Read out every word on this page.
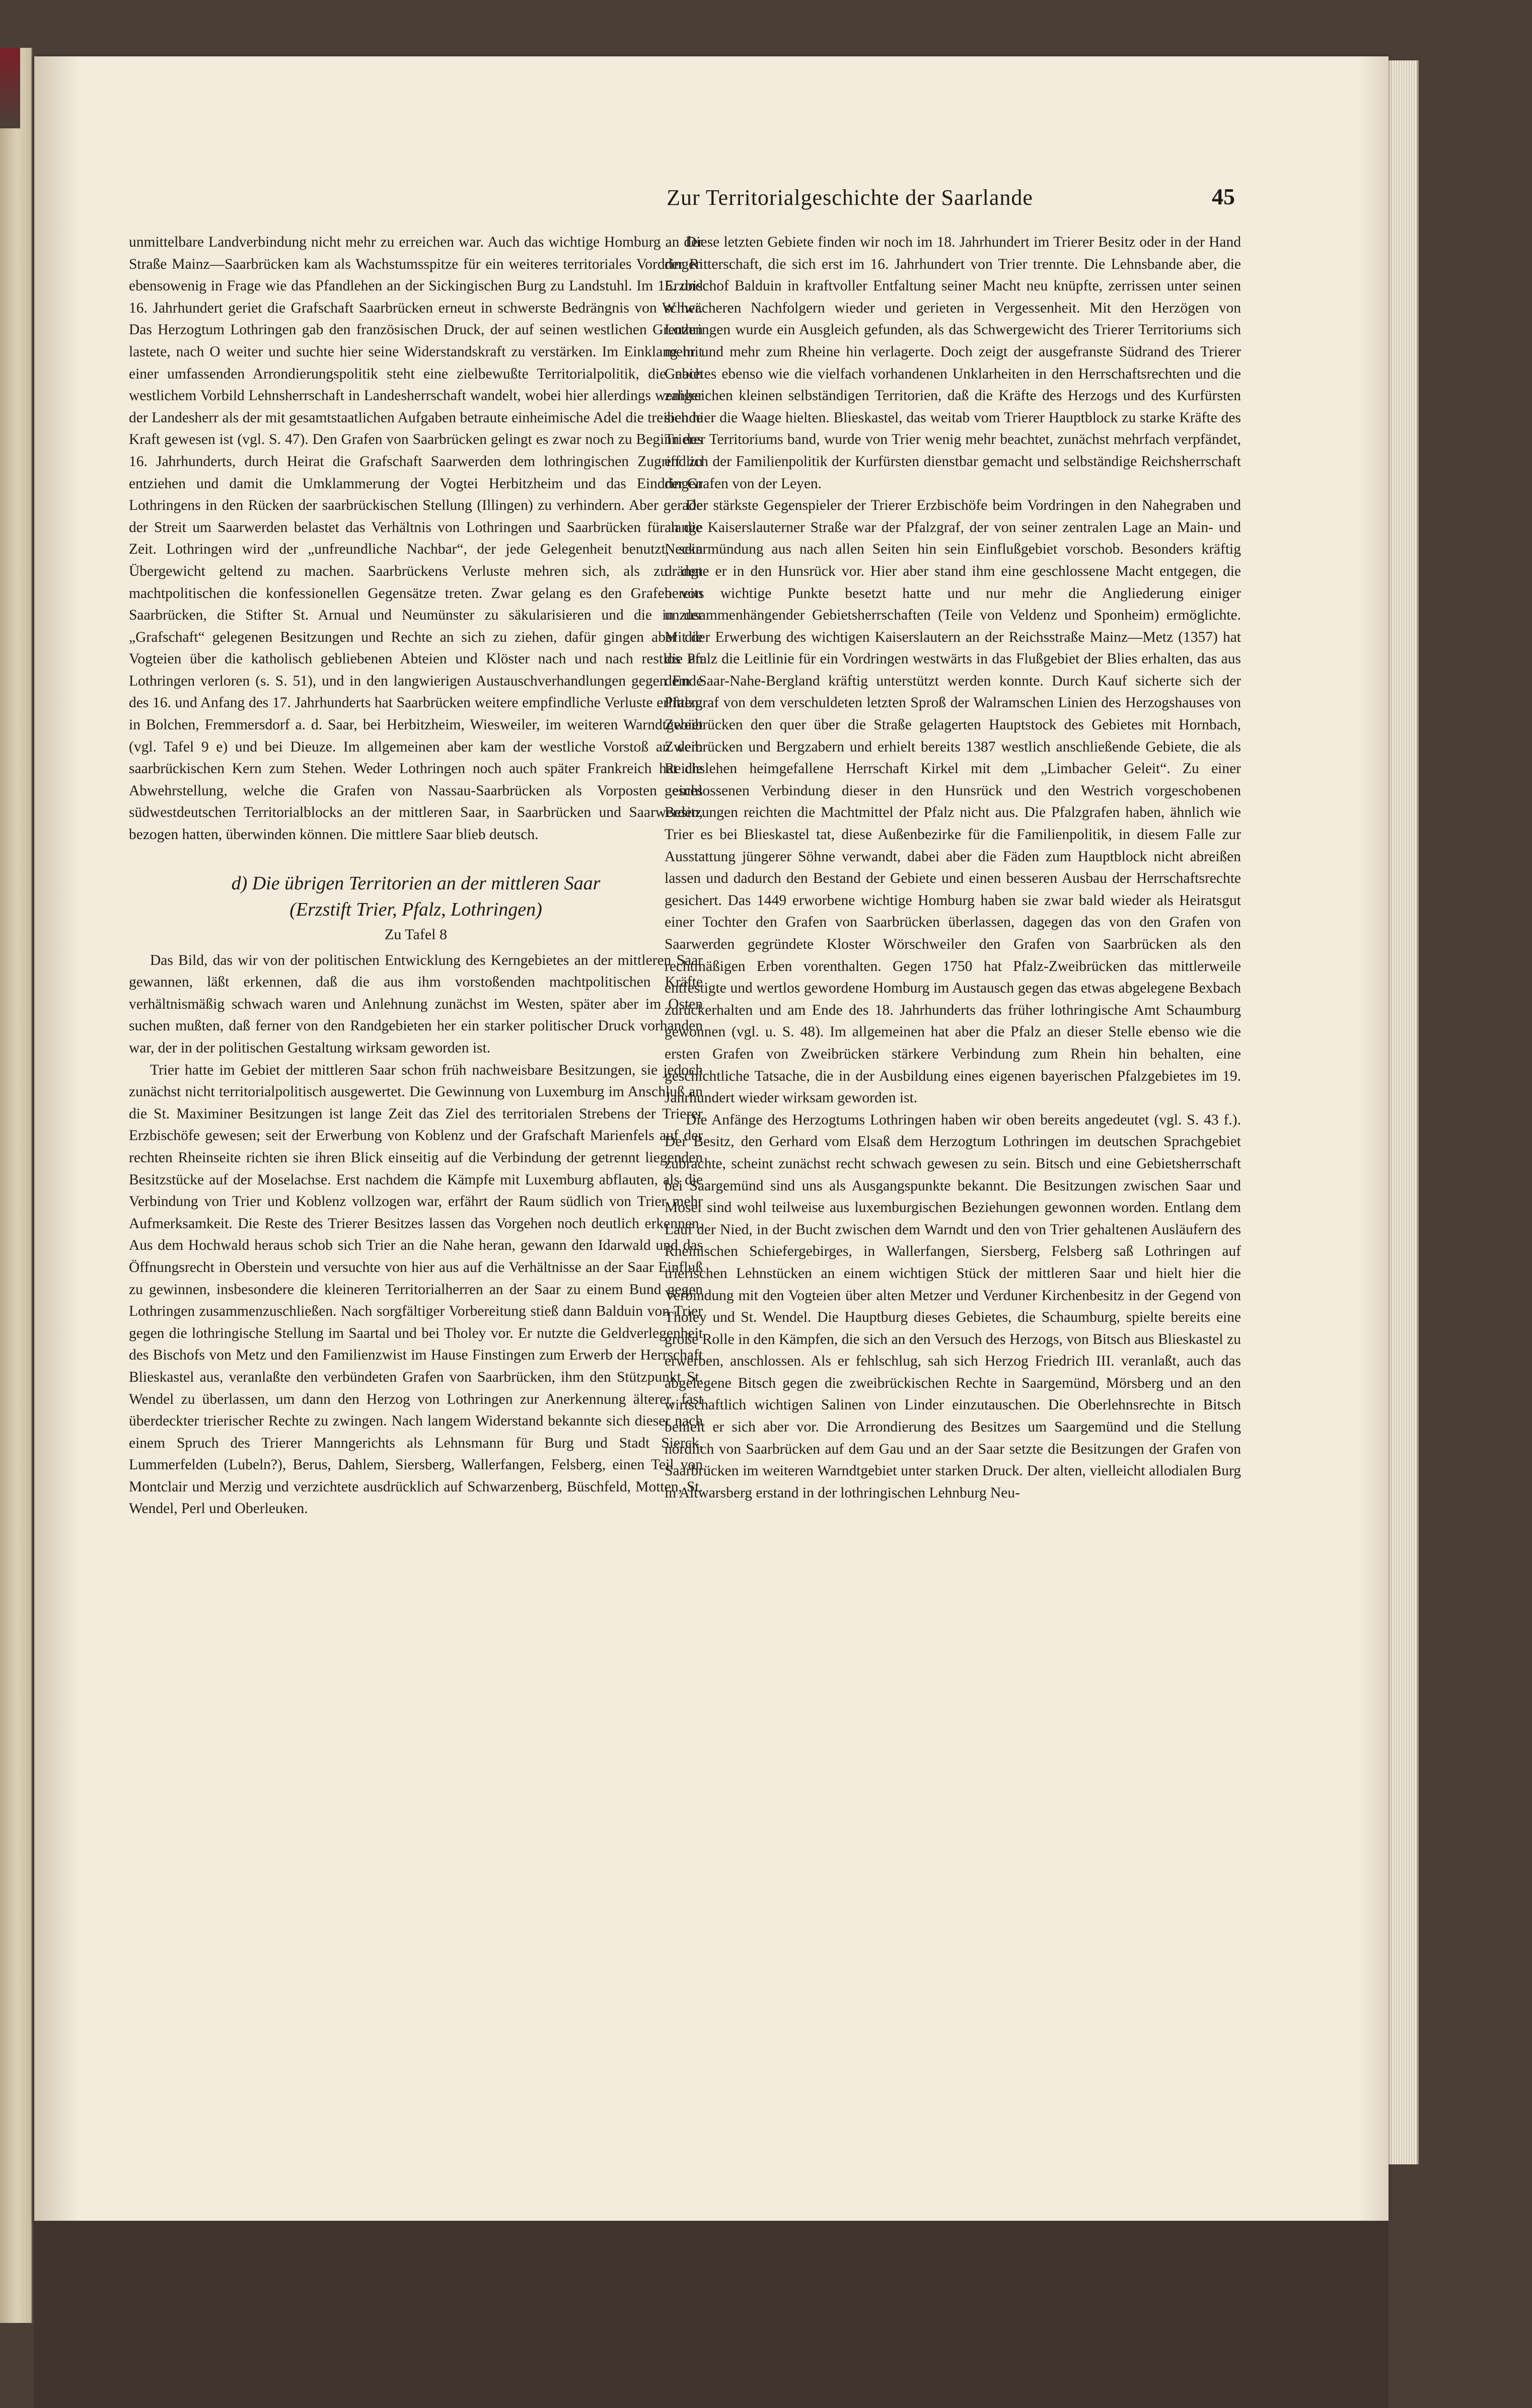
Zur Territorialgeschichte der Saarlande	45

unmittelbare Landverbindung nicht mehr zu erreichen war. Auch das wichtige Homburg an der Straße Mainz—Saarbrücken kam als Wachstumsspitze für ein weiteres territoriales Vordringen ebensowenig in Frage wie das Pfandlehen an der Sickingischen Burg zu Landstuhl. Im 15. und 16. Jahrhundert geriet die Grafschaft Saarbrücken erneut in schwerste Bedrängnis von W her. Das Herzogtum Lothringen gab den französischen Druck, der auf seinen westlichen Grenzen lastete, nach O weiter und suchte hier seine Widerstandskraft zu verstärken. Im Einklang mit einer umfassenden Arrondierungspolitik steht eine zielbewußte Territorialpolitik, die nach westlichem Vorbild Lehnsherrschaft in Landesherrschaft wandelt, wobei hier allerdings weniger der Landesherr als der mit gesamtstaatlichen Aufgaben betraute einheimische Adel die treibende Kraft gewesen ist (vgl. S. 47). Den Grafen von Saarbrücken gelingt es zwar noch zu Beginn des 16. Jahrhunderts, durch Heirat die Grafschaft Saarwerden dem lothringischen Zugriff zu entziehen und damit die Umklammerung der Vogtei Herbitzheim und das Eindringen Lothringens in den Rücken der saarbrückischen Stellung (Illingen) zu verhindern. Aber gerade der Streit um Saarwerden belastet das Verhältnis von Lothringen und Saarbrücken für lange Zeit. Lothringen wird der „unfreundliche Nachbar“, der jede Gelegenheit benutzt, sein Übergewicht geltend zu machen. Saarbrückens Verluste mehren sich, als zu den machtpolitischen die konfessionellen Gegensätze treten. Zwar gelang es den Grafen von Saarbrücken, die Stifter St. Arnual und Neumünster zu säkularisieren und die in der „Grafschaft“ gelegenen Besitzungen und Rechte an sich zu ziehen, dafür gingen aber die Vogteien über die katholisch gebliebenen Abteien und Klöster nach und nach restlos an Lothringen verloren (s. S. 51), und in den langwierigen Austauschverhandlungen gegen Ende des 16. und Anfang des 17. Jahrhunderts hat Saarbrücken weitere empfindliche Verluste erlitten: in Bolchen, Fremmersdorf a. d. Saar, bei Herbitzheim, Wiesweiler, im weiteren Warndtgebiet (vgl. Tafel 9 e) und bei Dieuze. Im allgemeinen aber kam der westliche Vorstoß an dem saarbrückischen Kern zum Stehen. Weder Lothringen noch auch später Frankreich hat die Abwehrstellung, welche die Grafen von Nassau-Saarbrücken als Vorposten eines südwestdeutschen Territorialblocks an der mittleren Saar, in Saarbrücken und Saarwerden, bezogen hatten, überwinden können. Die mittlere Saar blieb deutsch.

d) Die übrigen Territorien an der mittleren Saar
(Erzstift Trier, Pfalz, Lothringen)
Zu Tafel 8

Das Bild, das wir von der politischen Entwicklung des Kerngebietes an der mittleren Saar gewannen, läßt erkennen, daß die aus ihm vorstoßenden machtpolitischen Kräfte verhältnismäßig schwach waren und Anlehnung zunächst im Westen, später aber im Osten suchen mußten, daß ferner von den Randgebieten her ein starker politischer Druck vorhanden war, der in der politischen Gestaltung wirksam geworden ist.

Trier hatte im Gebiet der mittleren Saar schon früh nachweisbare Besitzungen, sie jedoch zunächst nicht territorialpolitisch ausgewertet. Die Gewinnung von Luxemburg im Anschluß an die St. Maximiner Besitzungen ist lange Zeit das Ziel des territorialen Strebens der Trierer Erzbischöfe gewesen; seit der Erwerbung von Koblenz und der Grafschaft Marienfels auf der rechten Rheinseite richten sie ihren Blick einseitig auf die Verbindung der getrennt liegenden Besitzstücke auf der Moselachse. Erst nachdem die Kämpfe mit Luxemburg abflauten, als die Verbindung von Trier und Koblenz vollzogen war, erfährt der Raum südlich von Trier mehr Aufmerksamkeit. Die Reste des Trierer Besitzes lassen das Vorgehen noch deutlich erkennen. Aus dem Hochwald heraus schob sich Trier an die Nahe heran, gewann den Idarwald und das Öffnungsrecht in Oberstein und versuchte von hier aus auf die Verhältnisse an der Saar Einfluß zu gewinnen, insbesondere die kleineren Territorialherren an der Saar zu einem Bund gegen Lothringen zusammenzuschließen. Nach sorgfältiger Vorbereitung stieß dann Balduin von Trier gegen die lothringische Stellung im Saartal und bei Tholey vor. Er nutzte die Geldverlegenheit des Bischofs von Metz und den Familienzwist im Hause Finstingen zum Erwerb der Herrschaft Blieskastel aus, veranlaßte den verbündeten Grafen von Saarbrücken, ihm den Stützpunkt St. Wendel zu überlassen, um dann den Herzog von Lothringen zur Anerkennung älterer, fast überdeckter trierischer Rechte zu zwingen. Nach langem Widerstand bekannte sich dieser nach einem Spruch des Trierer Manngerichts als Lehnsmann für Burg und Stadt Sierck, Lummerfelden (Lubeln?), Berus, Dahlem, Siersberg, Wallerfangen, Felsberg, einen Teil von Montclair und Merzig und verzichtete ausdrücklich auf Schwarzenberg, Büschfeld, Motten, St. Wendel, Perl und Oberleuken.

Diese letzten Gebiete finden wir noch im 18. Jahrhundert im Trierer Besitz oder in der Hand der Ritterschaft, die sich erst im 16. Jahrhundert von Trier trennte. Die Lehnsbande aber, die Erzbischof Balduin in kraftvoller Entfaltung seiner Macht neu knüpfte, zerrissen unter seinen schwächeren Nachfolgern wieder und gerieten in Vergessenheit. Mit den Herzögen von Lothringen wurde ein Ausgleich gefunden, als das Schwergewicht des Trierer Territoriums sich mehr und mehr zum Rheine hin verlagerte. Doch zeigt der ausgefranste Südrand des Trierer Gebietes ebenso wie die vielfach vorhandenen Unklarheiten in den Herrschaftsrechten und die zahlreichen kleinen selbständigen Territorien, daß die Kräfte des Herzogs und des Kurfürsten sich hier die Waage hielten. Blieskastel, das weitab vom Trierer Hauptblock zu starke Kräfte des Trierer Territoriums band, wurde von Trier wenig mehr beachtet, zunächst mehrfach verpfändet, endlich der Familienpolitik der Kurfürsten dienstbar gemacht und selbständige Reichsherrschaft der Grafen von der Leyen.

Der stärkste Gegenspieler der Trierer Erzbischöfe beim Vordringen in den Nahegraben und an die Kaiserslauterner Straße war der Pfalzgraf, der von seiner zentralen Lage an Main- und Neckarmündung aus nach allen Seiten hin sein Einflußgebiet vorschob. Besonders kräftig drängte er in den Hunsrück vor. Hier aber stand ihm eine geschlossene Macht entgegen, die bereits wichtige Punkte besetzt hatte und nur mehr die Angliederung einiger unzusammenhängender Gebietsherrschaften (Teile von Veldenz und Sponheim) ermöglichte. Mit der Erwerbung des wichtigen Kaiserslautern an der Reichsstraße Mainz—Metz (1357) hat die Pfalz die Leitlinie für ein Vordringen westwärts in das Flußgebiet der Blies erhalten, das aus dem Saar-Nahe-Bergland kräftig unterstützt werden konnte. Durch Kauf sicherte sich der Pfalzgraf von dem verschuldeten letzten Sproß der Walramschen Linien des Herzogshauses von Zweibrücken den quer über die Straße gelagerten Hauptstock des Gebietes mit Hornbach, Zweibrücken und Bergzabern und erhielt bereits 1387 westlich anschließende Gebiete, die als Reichslehen heimgefallene Herrschaft Kirkel mit dem „Limbacher Geleit“. Zu einer geschlossenen Verbindung dieser in den Hunsrück und den Westrich vorgeschobenen Besitzungen reichten die Machtmittel der Pfalz nicht aus. Die Pfalzgrafen haben, ähnlich wie Trier es bei Blieskastel tat, diese Außenbezirke für die Familienpolitik, in diesem Falle zur Ausstattung jüngerer Söhne verwandt, dabei aber die Fäden zum Hauptblock nicht abreißen lassen und dadurch den Bestand der Gebiete und einen besseren Ausbau der Herrschaftsrechte gesichert. Das 1449 erworbene wichtige Homburg haben sie zwar bald wieder als Heiratsgut einer Tochter den Grafen von Saarbrücken überlassen, dagegen das von den Grafen von Saarwerden gegründete Kloster Wörschweiler den Grafen von Saarbrücken als den rechtmäßigen Erben vorenthalten. Gegen 1750 hat Pfalz-Zweibrücken das mittlerweile entfestigte und wertlos gewordene Homburg im Austausch gegen das etwas abgelegene Bexbach zurückerhalten und am Ende des 18. Jahrhunderts das früher lothringische Amt Schaumburg gewonnen (vgl. u. S. 48). Im allgemeinen hat aber die Pfalz an dieser Stelle ebenso wie die ersten Grafen von Zweibrücken stärkere Verbindung zum Rhein hin behalten, eine geschichtliche Tatsache, die in der Ausbildung eines eigenen bayerischen Pfalzgebietes im 19. Jahrhundert wieder wirksam geworden ist.

Die Anfänge des Herzogtums Lothringen haben wir oben bereits angedeutet (vgl. S. 43 f.). Der Besitz, den Gerhard vom Elsaß dem Herzogtum Lothringen im deutschen Sprachgebiet zubrachte, scheint zunächst recht schwach gewesen zu sein. Bitsch und eine Gebietsherrschaft bei Saargemünd sind uns als Ausgangspunkte bekannt. Die Besitzungen zwischen Saar und Mosel sind wohl teilweise aus luxemburgischen Beziehungen gewonnen worden. Entlang dem Lauf der Nied, in der Bucht zwischen dem Warndt und den von Trier gehaltenen Ausläufern des Rheinischen Schiefergebirges, in Wallerfangen, Siersberg, Felsberg saß Lothringen auf trierischen Lehnstücken an einem wichtigen Stück der mittleren Saar und hielt hier die Verbindung mit den Vogteien über alten Metzer und Verduner Kirchenbesitz in der Gegend von Tholey und St. Wendel. Die Hauptburg dieses Gebietes, die Schaumburg, spielte bereits eine große Rolle in den Kämpfen, die sich an den Versuch des Herzogs, von Bitsch aus Blieskastel zu erwerben, anschlossen. Als er fehlschlug, sah sich Herzog Friedrich III. veranlaßt, auch das abgelegene Bitsch gegen die zweibrückischen Rechte in Saargemünd, Mörsberg und an den wirtschaftlich wichtigen Salinen von Linder einzutauschen. Die Oberlehnsrechte in Bitsch behielt er sich aber vor. Die Arrondierung des Besitzes um Saargemünd und die Stellung nördlich von Saarbrücken auf dem Gau und an der Saar setzte die Besitzungen der Grafen von Saarbrücken im weiteren Warndtgebiet unter starken Druck. Der alten, vielleicht allodialen Burg in Altwarsberg erstand in der lothringischen Lehnburg Neu-
